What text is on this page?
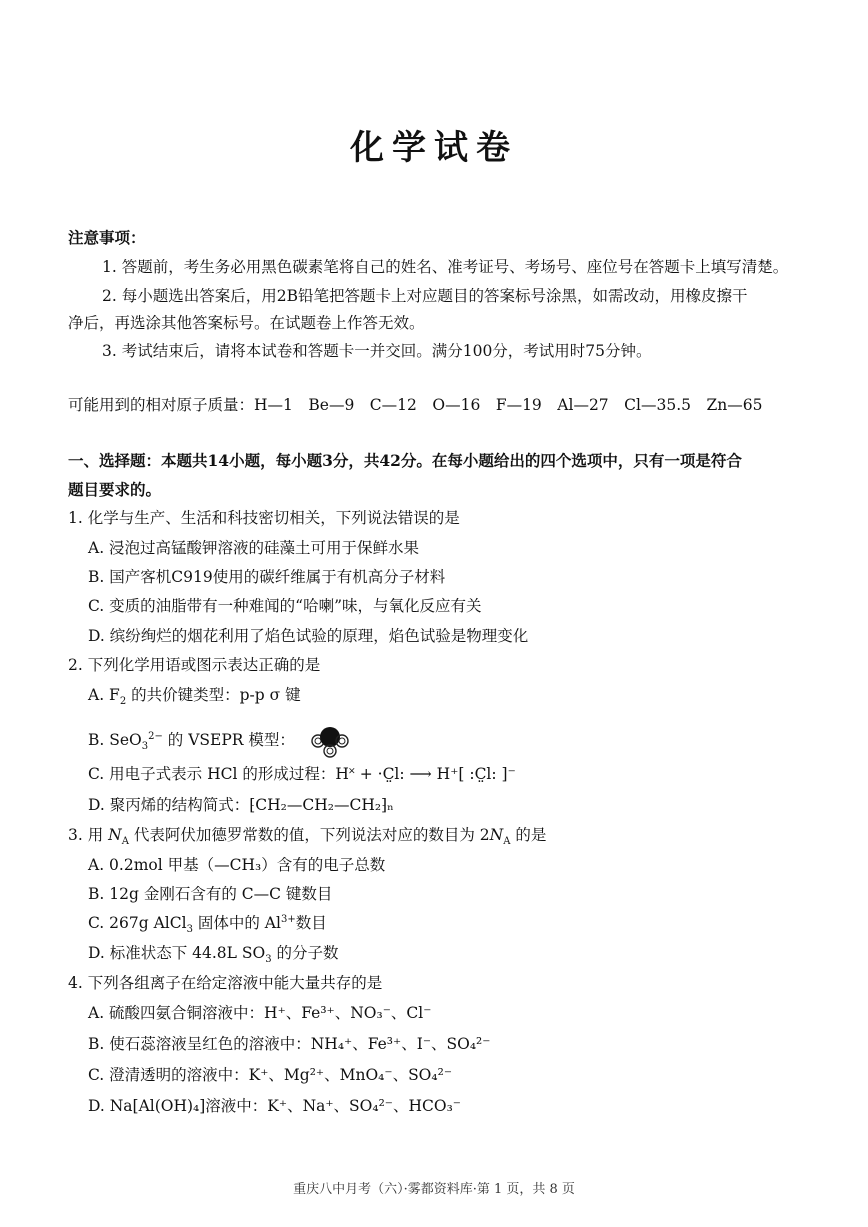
化学试卷
注意事项：
1. 答题前，考生务必用黑色碳素笔将自己的姓名、准考证号、考场号、座位号在答题卡上填写清楚。
2. 每小题选出答案后，用2B铅笔把答题卡上对应题目的答案标号涂黑，如需改动，用橡皮擦干
净后，再选涂其他答案标号。在试题卷上作答无效。
3. 考试结束后，请将本试卷和答题卡一并交回。满分100分，考试用时75分钟。
可能用到的相对原子质量：H—1　Be—9　C—12　O—16　F—19　Al—27　Cl—35.5　Zn—65
一、选择题：本题共14小题，每小题3分，共42分。在每小题给出的四个选项中，只有一项是符合
题目要求的。
1. 化学与生产、生活和科技密切相关，下列说法错误的是
A. 浸泡过高锰酸钾溶液的硅藻土可用于保鲜水果
B. 国产客机C919使用的碳纤维属于有机高分子材料
C. 变质的油脂带有一种难闻的“哈喇”味，与氧化反应有关
D. 缤纷绚烂的烟花利用了焰色试验的原理，焰色试验是物理变化
2. 下列化学用语或图示表达正确的是
A. $F_2$ 的共价键类型：p-p σ 键
B. SeO$_3^{2-}$ 的 VSEPR 模型：
C. 用电子式表示 HCl 的形成过程：H˟ + ·C̤l: ⟶ H⁺[ :C̤l: ]⁻
D. 聚丙烯的结构简式：⁅CH₂—CH₂—CH₂⁆ₙ
3. 用 $N_A$ 代表阿伏加德罗常数的值，下列说法对应的数目为 $2N_A$ 的是
A. 0.2mol 甲基（—CH₃）含有的电子总数
B. 12g 金刚石含有的 C—C 键数目
C. 267g AlCl$_3$ 固体中的 $Al^{3+}$数目
D. 标准状态下 44.8L $SO_3$ 的分子数
4. 下列各组离子在给定溶液中能大量共存的是
A. 硫酸四氨合铜溶液中：H⁺、Fe³⁺、NO₃⁻、Cl⁻
B. 使石蕊溶液呈红色的溶液中：NH₄⁺、Fe³⁺、I⁻、SO₄²⁻
C. 澄清透明的溶液中：K⁺、Mg²⁺、MnO₄⁻、SO₄²⁻
D. Na[Al(OH)₄]溶液中：K⁺、Na⁺、SO₄²⁻、HCO₃⁻
重庆八中月考（六）·雾都资料库·第 1 页，共 8 页
